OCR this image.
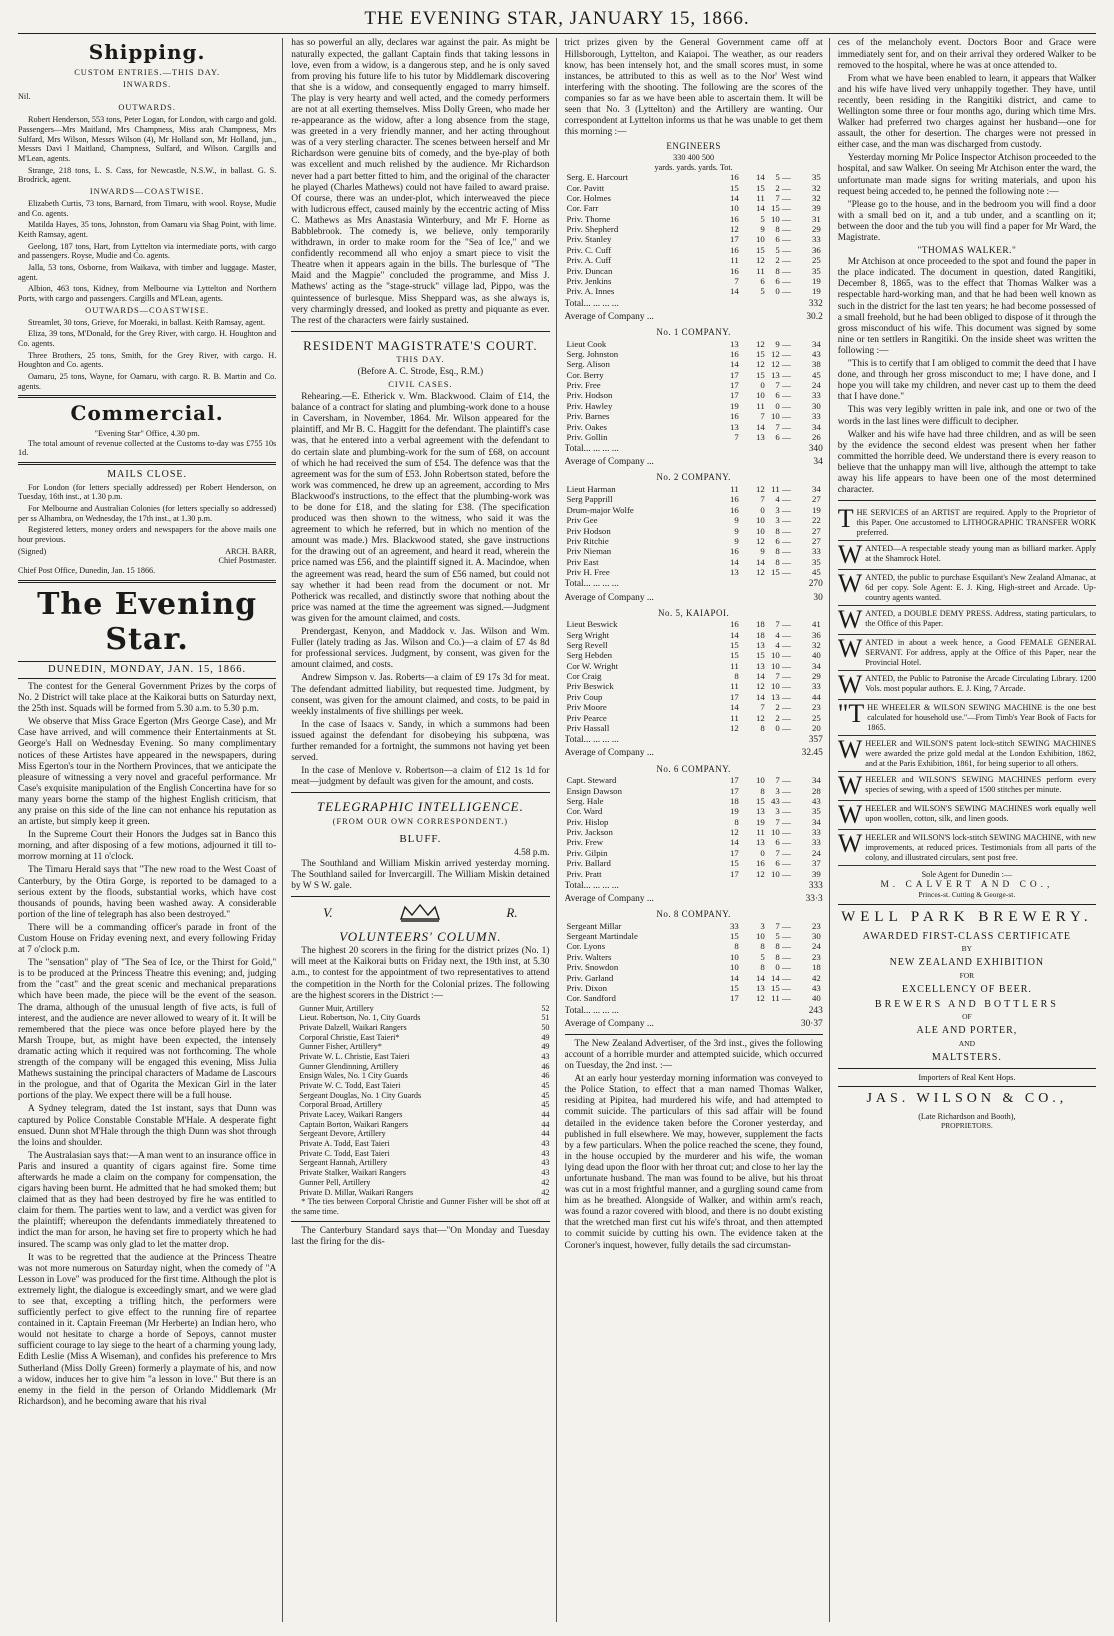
THE EVENING STAR, JANUARY 15, 1866.
Shipping.
CUSTOM ENTRIES.—THIS DAY.
INWARDS.

Nil.

OUTWARDS.

Robert Henderson, 553 tons, Peter Logan, for London, with cargo and gold. Passengers—Mrs Maitland, Mrs Champness, Miss arah Champness, Mrs Sulfard, Mrs Wilson, Messrs Wilson (4), Mr Holland son, Mr Holland, jun., Messrs Davi l Maitland, Champness, Sulfard, and Wilson. Cargills and M'Lean, agents.

Strange, 218 tons, L. S. Cass, for Newcastle, N.S.W., in ballast. G. S. Brodrick, agent.

INWARDS—COASTWISE.

Elizabeth Curtis, 73 tons, Barnard, from Timaru, with wool. Royse, Mudie and Co. agents.

Matilda Hayes, 35 tons, Johnston, from Oamaru via Shag Point, with lime. Keith Ramsay, agent.

Geelong, 187 tons, Hart, from Lyttelton via intermediate ports, with cargo and passengers. Royse, Mudie and Co. agents.

Jalla, 53 tons, Osborne, from Waikava, with timber and luggage. Master, agent.

Albion, 463 tons, Kidney, from Melbourne via Lyttelton and Northern Ports, with cargo and passengers. Cargills and M'Lean, agents.

OUTWARDS—COASTWISE.

Streamlet, 30 tons, Grieve, for Moeraki, in ballast. Keith Ramsay, agent.

Eliza, 39 tons, M'Donald, for the Grey River, with cargo. H. Houghton and Co. agents.

Three Brothers, 25 tons, Smith, for the Grey River, with cargo. H. Houghton and Co. agents.

Oamaru, 25 tons, Wayne, for Oamaru, with cargo. R. B. Martin and Co. agents.

Commercial.
"Evening Star" Office, 4.30 pm.

The total amount of revenue collected at the Customs to-day was £755 10s 1d.

MAILS CLOSE.

For London (for letters specially addressed) per Robert Henderson, on Tuesday, 16th inst., at 1.30 p.m.

For Melbourne and Australian Colonies (for letters specially so addressed) per ss Alhambra, on Wednesday, the 17th inst., at 1.30 p.m.

Registered letters, money orders and newspapers for the above mails one hour previous.

(Signed)	ARCH. BARR,
Chief Postmaster.
Chief Post Office, Dunedin, Jan. 15 1866.
The Evening Star.
DUNEDIN, MONDAY, JAN. 15, 1866.

The contest for the General Government Prizes by the corps of No. 2 District will take place at the Kaikorai butts on Saturday next, the 25th inst. Squads will be formed from 5.30 a.m. to 5.30 p.m.

We observe that Miss Grace Egerton (Mrs George Case), and Mr Case have arrived, and will commence their Entertainments at St. George's Hall on Wednesday Evening. So many complimentary notices of these Artistes have appeared in the newspapers, during Miss Egerton's tour in the Northern Provinces, that we anticipate the pleasure of witnessing a very novel and graceful performance. Mr Case's exquisite manipulation of the English Concertina have for so many years borne the stamp of the highest English criticism, that any praise on this side of the line can not enhance his reputation as an artiste, but simply keep it green.

In the Supreme Court their Honors the Judges sat in Banco this morning, and after disposing of a few motions, adjourned it till to-morrow morning at 11 o'clock.

The Timaru Herald says that "The new road to the West Coast of Canterbury, by the Otira Gorge, is reported to be damaged to a serious extent by the floods, substantial works, which have cost thousands of pounds, having been washed away. A considerable portion of the line of telegraph has also been destroyed."

There will be a commanding officer's parade in front of the Custom House on Friday evening next, and every following Friday at 7 o'clock p.m.

The "sensation" play of "The Sea of Ice, or the Thirst for Gold," is to be produced at the Princess Theatre this evening; and, judging from the "cast" and the great scenic and mechanical preparations which have been made, the piece will be the event of the season. The drama, although of the unusual length of five acts, is full of interest, and the audience are never allowed to weary of it. It will be remembered that the piece was once before played here by the Marsh Troupe, but, as might have been expected, the intensely dramatic acting which it required was not forthcoming. The whole strength of the company will be engaged this evening, Miss Julia Mathews sustaining the principal characters of Madame de Lascours in the prologue, and that of Ogarita the Mexican Girl in the later portions of the play. We expect there will be a full house.

A Sydney telegram, dated the 1st instant, says that Dunn was captured by Police Constable Constable M'Hale. A desperate fight ensued. Dunn shot M'Hale through the thigh Dunn was shot through the loins and shoulder.

The Australasian says that:—A man went to an insurance office in Paris and insured a quantity of cigars against fire. Some time afterwards he made a claim on the company for compensation, the cigars having been burnt. He admitted that he had smoked them; but claimed that as they had been destroyed by fire he was entitled to claim for them. The parties went to law, and a verdict was given for the plaintiff; whereupon the defendants immediately threatened to indict the man for arson, he having set fire to property which he had insured. The scamp was only glad to let the matter drop.

It was to be regretted that the audience at the Princess Theatre was not more numerous on Saturday night, when the comedy of "A Lesson in Love" was produced for the first time. Although the plot is extremely light, the dialogue is exceedingly smart, and we were glad to see that, excepting a trifling hitch, the performers were sufficiently perfect to give effect to the running fire of repartee contained in it. Captain Freeman (Mr Herberte) an Indian hero, who would not hesitate to charge a horde of Sepoys, cannot muster sufficient courage to lay siege to the heart of a charming young lady, Edith Leslie (Miss A Wiseman), and confides his preference to Mrs Sutherland (Miss Dolly Green) formerly a playmate of his, and now a widow, induces her to give him "a lesson in love." But there is an enemy in the field in the person of Orlando Middlemark (Mr Richardson), and he becoming aware that his rival

has so powerful an ally, declares war against the pair. As might be naturally expected, the gallant Captain finds that taking lessons in love, even from a widow, is a dangerous step, and he is only saved from proving his future life to his tutor by Middlemark discovering that she is a widow, and consequently engaged to marry himself. The play is very hearty and well acted, and the comedy performers are not at all exerting themselves. Miss Dolly Green, who made her re-appearance as the widow, after a long absence from the stage, was greeted in a very friendly manner, and her acting throughout was of a very sterling character. The scenes between herself and Mr Richardson were genuine bits of comedy, and the bye-play of both was excellent and much relished by the audience. Mr Richardson never had a part better fitted to him, and the original of the character he played (Charles Mathews) could not have failed to award praise. Of course, there was an under-plot, which interweaved the piece with ludicrous effect, caused mainly by the eccentric acting of Miss C. Mathews as Mrs Anastasia Winterbury, and Mr F. Horne as Babblebrook. The comedy is, we believe, only temporarily withdrawn, in order to make room for the "Sea of Ice," and we confidently recommend all who enjoy a smart piece to visit the Theatre when it appears again in the bills. The burlesque of "The Maid and the Magpie" concluded the programme, and Miss J. Mathews' acting as the "stage-struck" village lad, Pippo, was the quintessence of burlesque. Miss Sheppard was, as she always is, very charmingly dressed, and looked as pretty and piquante as ever. The rest of the characters were fairly sustained.

RESIDENT MAGISTRATE'S COURT.
THIS DAY.
(Before A. C. Strode, Esq., R.M.)
CIVIL CASES.

Rehearing.—E. Etherick v. Wm. Blackwood. Claim of £14, the balance of a contract for slating and plumbing-work done to a house in Caversham, in November, 1864. Mr. Wilson appeared for the plaintiff, and Mr B. C. Haggitt for the defendant. The plaintiff's case was, that he entered into a verbal agreement with the defendant to do certain slate and plumbing-work for the sum of £68, on account of which he had received the sum of £54. The defence was that the agreement was for the sum of £53. John Robertson stated, before the work was commenced, he drew up an agreement, according to Mrs Blackwood's instructions, to the effect that the plumbing-work was to be done for £18, and the slating for £38. (The specification produced was then shown to the witness, who said it was the agreement to which he referred, but in which no mention of the amount was made.) Mrs. Blackwood stated, she gave instructions for the drawing out of an agreement, and heard it read, wherein the price named was £56, and the plaintiff signed it. A. Macindoe, when the agreement was read, heard the sum of £56 named, but could not say whether it had been read from the document or not. Mr Potherick was recalled, and distinctly swore that nothing about the price was named at the time the agreement was signed.—Judgment was given for the amount claimed, and costs.

Prendergast, Kenyon, and Maddock v. Jas. Wilson and Wm. Fuller (lately trading as Jas. Wilson and Co.)—a claim of £7 4s 8d for professional services. Judgment, by consent, was given for the amount claimed, and costs.

Andrew Simpson v. Jas. Roberts—a claim of £9 17s 3d for meat. The defendant admitted liability, but requested time. Judgment, by consent, was given for the amount claimed, and costs, to be paid in weekly instalments of five shillings per week.

In the case of Isaacs v. Sandy, in which a summons had been issued against the defendant for disobeying his subpœna, was further remanded for a fortnight, the summons not having yet been served.

In the case of Menlove v. Robertson—a claim of £12 1s 1d for meat—judgment by default was given for the amount, and costs.

TELEGRAPHIC INTELLIGENCE.
(FROM OUR OWN CORRESPONDENT.)
BLUFF.
4.58 p.m.

The Southland and William Miskin arrived yesterday morning. The Southland sailed for Invercargill. The William Miskin detained by W S W. gale.

V.	R.
VOLUNTEERS' COLUMN.

The highest 20 scorers in the firing for the district prizes (No. 1) will meet at the Kaikorai butts on Friday next, the 19th inst, at 5.30 a.m., to contest for the appointment of two representatives to attend the competition in the North for the Colonial prizes. The following are the highest scorers in the District :—

Gunner Muir, Artillery	52
Lieut. Robertson, No. 1, City Guards	51
Private Dalzell, Waikari Rangers	50
Corporal Christie, East Taieri*	49
Gunner Fisher, Artillery*	49
Private W. L. Christie, East Taieri	43
Gunner Glendinning, Artillery	46
Ensign Wales, No. 1 City Guards	46
Private W. C. Todd, East Taieri	45
Sergeant Douglas, No. 1 City Guards	45
Corporal Broad, Artillery	45
Private Lacey, Waikari Rangers	44
Captain Borton, Waikari Rangers	44
Sergeant Devore, Artillery	44
Private A. Todd, East Taieri	43
Private C. Todd, East Taieri	43
Sergeant Hannah, Artillery	43
Private Stalker, Waikari Rangers	43
Gunner Pell, Artillery	42
Private D. Millar, Waikari Rangers	42

* The ties between Corporal Christie and Gunner Fisher will be shot off at the same time.

The Canterbury Standard says that—"On Monday and Tuesday last the firing for the dis-

trict prizes given by the General Government came off at Hillsborough, Lyttelton, and Kaiapoi. The weather, as our readers know, has been intensely hot, and the small scores must, in some instances, be attributed to this as well as to the Nor' West wind interfering with the shooting. The following are the scores of the companies so far as we have been able to ascertain them. It will be seen that No. 3 (Lyttelton) and the Artillery are wanting. Our correspondent at Lyttelton informs us that he was unable to get them this morning :—

ENGINEERS
330 400 500
yards. yards. yards. Tot.
Serg. E. Harcourt	16	14	5 —	35
Cor. Pavitt	15	15	2 —	32
Cor. Holmes	14	11	7 —	32
Cor. Farr	10	14	15 —	39
Priv. Thorne	16	5	10 —	31
Priv. Shepherd	12	9	8 —	29
Priv. Stanley	17	10	6 —	33
Priv. C. Cuff	16	15	5 —	36
Priv. A. Cuff	11	12	2 —	25
Priv. Duncan	16	11	8 —	35
Priv. Jenkins	7	6	6 —	19
Priv. A. Innes	14	5	0 —	19
Total... ... ... ...	332
Average of Company ...	30.2
No. 1 COMPANY.
Lieut Cook	13	12	9 —	34
Serg. Johnston	16	15	12 —	43
Serg. Alison	14	12	12 —	38
Cor. Berry	17	15	13 —	45
Priv. Free	17	0	7 —	24
Priv. Hodson	17	10	6 —	33
Priv. Hawley	19	11	0 —	30
Priv. Barnes	16	7	10 —	33
Priv. Oakes	13	14	7 —	34
Priv. Gollin	7	13	6 —	26
Total... ... ... ...	340
Average of Company ...	34
No. 2 COMPANY.
Lieut Harman	11	12	11 —	34
Serg Papprill	16	7	4 —	27
Drum-major Wolfe	16	0	3 —	19
Priv Gee	9	10	3 —	22
Priv Hodson	9	10	8 —	27
Priv Ritchie	9	12	6 —	27
Priv Nieman	16	9	8 —	33
Priv East	14	14	8 —	35
Priv H. Free	13	12	15 —	45
Total... ... ... ...	270
Average of Company ...	30
No. 5, KAIAPOI.
Lieut Beswick	16	18	7 —	41
Serg Wright	14	18	4 —	36
Serg Revell	15	13	4 —	32
Serg Hebden	15	15	10 —	40
Cor W. Wright	11	13	10 —	34
Cor Craig	8	14	7 —	29
Priv Beswick	11	12	10 —	33
Priv Coup	17	14	13 —	44
Priv Moore	14	7	2 —	23
Priv Pearce	11	12	2 —	25
Priv Hassall	12	8	0 —	20
Total... ... ... ...	357
Average of Company ...	32.45
No. 6 COMPANY.
Capt. Steward	17	10	7 —	34
Ensign Dawson	17	8	3 —	28
Serg. Hale	18	15	43 —	43
Cor. Ward	19	13	3 —	35
Priv. Hislop	8	19	7 —	34
Priv. Jackson	12	11	10 —	33
Priv. Frew	14	13	6 —	33
Priv. Gilpin	17	0	7 —	24
Priv. Ballard	15	16	6 —	37
Priv. Pratt	17	12	10 —	39
Total... ... ... ...	333
Average of Company ...	33·3
No. 8 COMPANY.
Sergeant Millar	33	3	7 —	23
Sergeant Martindale	15	10	5 —	30
Cor. Lyons	8	8	8 —	24
Priv. Walters	10	5	8 —	23
Priv. Snowdon	10	8	0 —	18
Priv. Garland	14	14	14 —	42
Priv. Dixon	15	13	15 —	43
Cor. Sandford	17	12	11 —	40
Total... ... ... ...	243
Average of Company ...	30·37

The New Zealand Advertiser, of the 3rd inst., gives the following account of a horrible murder and attempted suicide, which occurred on Tuesday, the 2nd inst. :—

At an early hour yesterday morning information was conveyed to the Police Station, to effect that a man named Thomas Walker, residing at Pipitea, had murdered his wife, and had attempted to commit suicide. The particulars of this sad affair will be found detailed in the evidence taken before the Coroner yesterday, and published in full elsewhere. We may, however, supplement the facts by a few particulars. When the police reached the scene, they found, in the house occupied by the murderer and his wife, the woman lying dead upon the floor with her throat cut; and close to her lay the unfortunate husband. The man was found to be alive, but his throat was cut in a most frightful manner, and a gurgling sound came from him as he breathed. Alongside of Walker, and within arm's reach, was found a razor covered with blood, and there is no doubt existing that the wretched man first cut his wife's throat, and then attempted to commit suicide by cutting his own. The evidence taken at the Coroner's inquest, however, fully details the sad circumstan-

ces of the melancholy event. Doctors Boor and Grace were immediately sent for, and on their arrival they ordered Walker to be removed to the hospital, where he was at once attended to.

From what we have been enabled to learn, it appears that Walker and his wife have lived very unhappily together. They have, until recently, been residing in the Rangitiki district, and came to Wellington some three or four months ago, during which time Mrs. Walker had preferred two charges against her husband—one for assault, the other for desertion. The charges were not pressed in either case, and the man was discharged from custody.

Yesterday morning Mr Police Inspector Atchison proceeded to the hospital, and saw Walker. On seeing Mr Atchison enter the ward, the unfortunate man made signs for writing materials, and upon his request being acceded to, he penned the following note :—

"Please go to the house, and in the bedroom you will find a door with a small bed on it, and a tub under, and a scantling on it; between the door and the tub you will find a paper for Mr Ward, the Magistrate.

"THOMAS WALKER."

Mr Atchison at once proceeded to the spot and found the paper in the place indicated. The document in question, dated Rangitiki, December 8, 1865, was to the effect that Thomas Walker was a respectable hard-working man, and that he had been well known as such in the district for the last ten years; he had become possessed of a small freehold, but he had been obliged to dispose of it through the gross misconduct of his wife. This document was signed by some nine or ten settlers in Rangitiki. On the inside sheet was written the following :—

"This is to certify that I am obliged to commit the deed that I have done, and through her gross misconduct to me; I have done, and I hope you will take my children, and never cast up to them the deed that I have done."

This was very legibly written in pale ink, and one or two of the words in the last lines were difficult to decipher.

Walker and his wife have had three children, and as will be seen by the evidence the second eldest was present when her father committed the horrible deed. We understand there is every reason to believe that the unhappy man will live, although the attempt to take away his life appears to have been one of the most determined character.

THE SERVICES of an ARTIST are required. Apply to the Proprietor of this Paper. One accustomed to LITHOGRAPHIC TRANSFER WORK preferred.
WANTED—A respectable steady young man as billiard marker. Apply at the Shamrock Hotel.
WANTED, the public to purchase Esquilant's New Zealand Almanac, at 6d per copy. Sole Agent: E. J. King, High-street and Arcade. Up-country agents wanted.
WANTED, a DOUBLE DEMY PRESS. Address, stating particulars, to the Office of this Paper.
WANTED in about a week hence, a Good FEMALE GENERAL SERVANT. For address, apply at the Office of this Paper, near the Provincial Hotel.
WANTED, the Public to Patronise the Arcade Circulating Library. 1200 Vols. most popular authors. E. J. King, 7 Arcade.
"THE WHEELER & WILSON SEWING MACHINE is the one best calculated for household use."—From Timb's Year Book of Facts for 1865.
WHEELER and WILSON'S patent lock-stitch SEWING MACHINES were awarded the prize gold medal at the London Exhibition, 1862, and at the Paris Exhibition, 1861, for being superior to all others.
WHEELER and WILSON'S SEWING MACHINES perform every species of sewing, with a speed of 1500 stitches per minute.
WHEELER and WILSON'S SEWING MACHINES work equally well upon woollen, cotton, silk, and linen goods.
WHEELER and WILSON'S lock-stitch SEWING MACHINE, with new improvements, at reduced prices. Testimonials from all parts of the colony, and illustrated circulars, sent post free.
Sole Agent for Dunedin :—
M. CALVERT AND CO.,
Princes-st. Cutting & George-st.
WELL PARK BREWERY.
AWARDED FIRST-CLASS CERTIFICATE
BY
NEW ZEALAND EXHIBITION
FOR
EXCELLENCY OF BEER.
BREWERS AND BOTTLERS
OF
ALE AND PORTER,
AND
MALTSTERS.
Importers of Real Kent Hops.
JAS. WILSON & CO.,
(Late Richardson and Booth),
PROPRIETORS.
